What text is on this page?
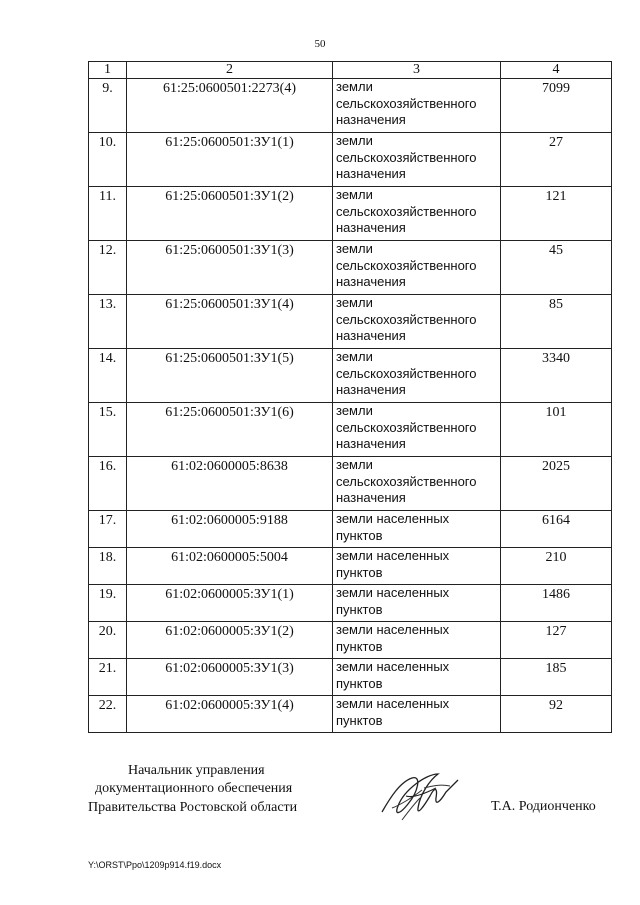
50
1	2	3	4
9.	61:25:0600501:2273(4)	земли сельскохозяйственного назначения	7099
10.	61:25:0600501:ЗУ1(1)	земли сельскохозяйственного назначения	27
11.	61:25:0600501:ЗУ1(2)	земли сельскохозяйственного назначения	121
12.	61:25:0600501:ЗУ1(3)	земли сельскохозяйственного назначения	45
13.	61:25:0600501:ЗУ1(4)	земли сельскохозяйственного назначения	85
14.	61:25:0600501:ЗУ1(5)	земли сельскохозяйственного назначения	3340
15.	61:25:0600501:ЗУ1(6)	земли сельскохозяйственного назначения	101
16.	61:02:0600005:8638	земли сельскохозяйственного назначения	2025
17.	61:02:0600005:9188	земли населенных пунктов	6164
18.	61:02:0600005:5004	земли населенных пунктов	210
19.	61:02:0600005:ЗУ1(1)	земли населенных пунктов	1486
20.	61:02:0600005:ЗУ1(2)	земли населенных пунктов	127
21.	61:02:0600005:ЗУ1(3)	земли населенных пунктов	185
22.	61:02:0600005:ЗУ1(4)	земли населенных пунктов	92
Начальник управления
документационного обеспечения
Правительства Ростовской области	Т.А. Родионченко
Y:\ORST\Ppo\1209p914.f19.docx
